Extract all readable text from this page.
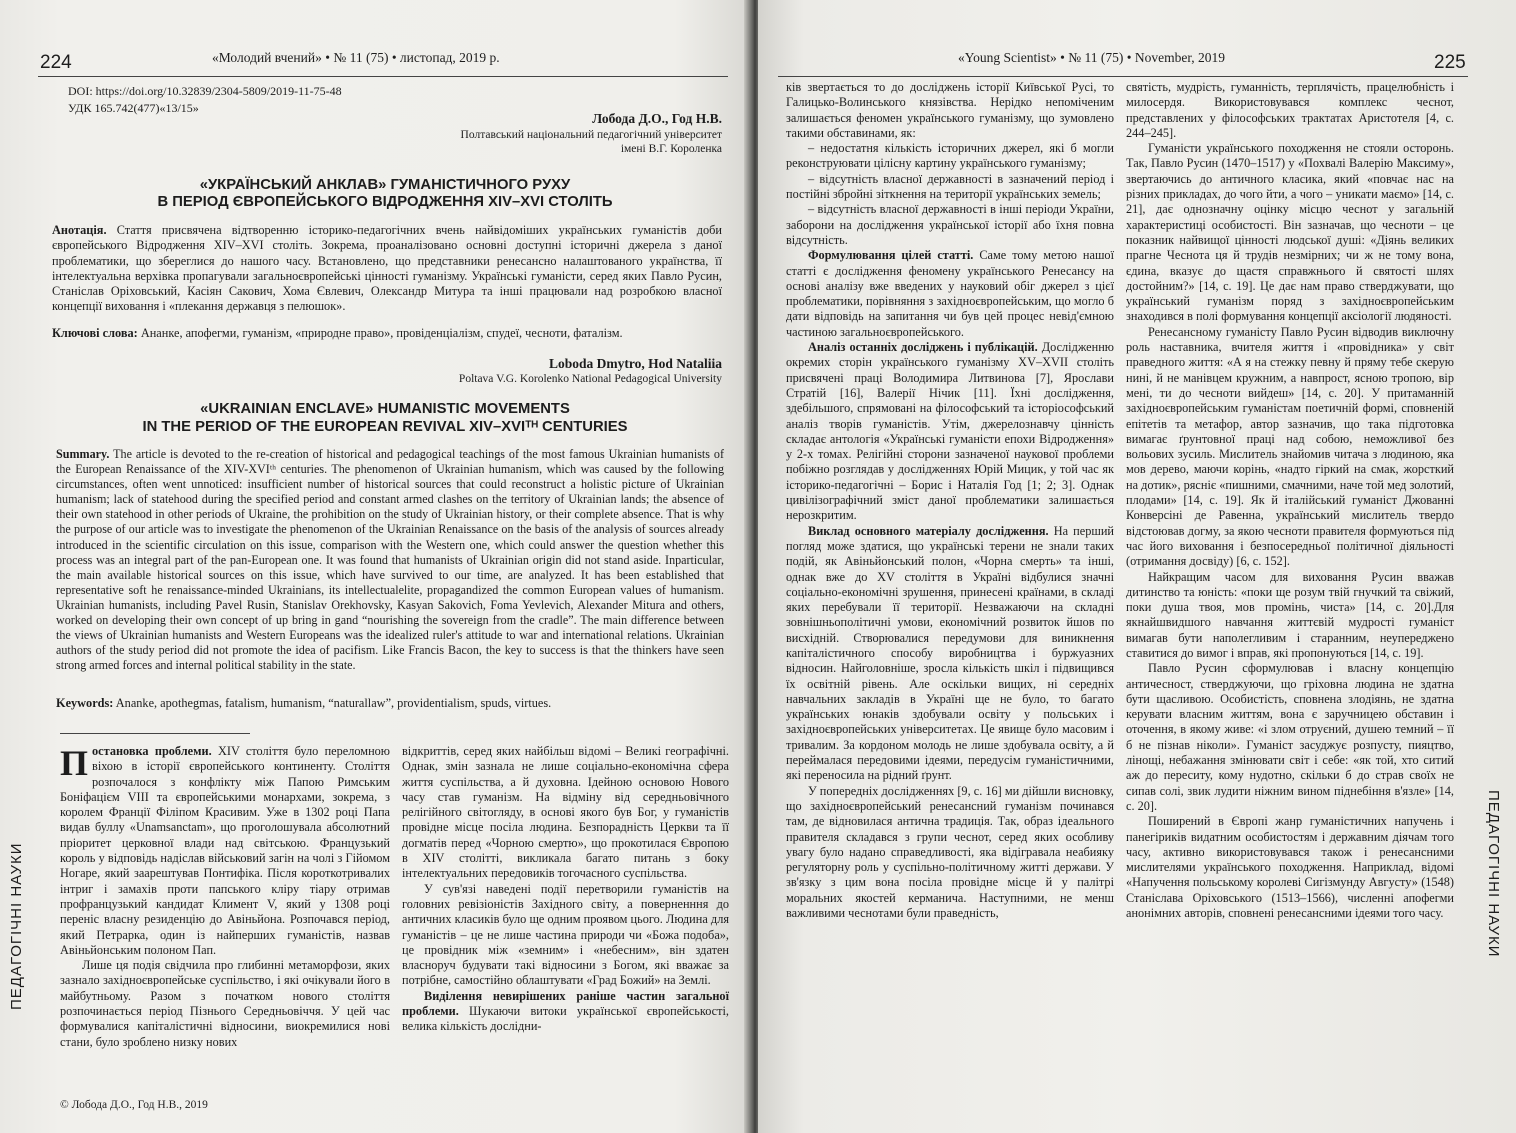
224	«Молодий вчений» • № 11 (75) • листопад, 2019 р.
DOI: https://doi.org/10.32839/2304-5809/2019-11-75-48
УДК 165.742(477)«13/15»
Лобода Д.О., Год Н.В.
Полтавський національний педагогічний університет
імені В.Г. Короленка
«УКРАЇНСЬКИЙ АНКЛАВ» ГУМАНІСТИЧНОГО РУХУ
В ПЕРІОД ЄВРОПЕЙСЬКОГО ВІДРОДЖЕННЯ XIV–XVI СТОЛІТЬ
Анотація. Стаття присвячена відтворенню історико-педагогічних вчень найвідоміших українських гуманістів доби європейського Відродження XIV–XVI століть. Зокрема, проаналізовано основні доступні історичні джерела з даної проблематики, що збереглися до нашого часу. Встановлено, що представники ренесансно налаштованого українства, її інтелектуальна верхівка пропагували загальноєвропейські цінності гуманізму. Українські гуманісти, серед яких Павло Русин, Станіслав Оріховський, Касіян Сакович, Хома Євлевич, Олександр Митура та інші працювали над розробкою власної концепції виховання і «плекання державця з пелюшок».
Ключові слова: Ананке, апофегми, гуманізм, «природне право», провіденціалізм, спудеї, чесноти, фаталізм.
Loboda Dmytro, Hod Nataliia
Poltava V.G. Korolenko National Pedagogical University
«UKRAINIAN ENCLAVE» HUMANISTIC MOVEMENTS
IN THE PERIOD OF THE EUROPEAN REVIVAL XIV–XVIᵀᴴ CENTURIES
Summary. The article is devoted to the re-creation of historical and pedagogical teachings of the most famous Ukrainian humanists of the European Renaissance of the XIV-XVIᵗʰ centuries. The phenomenon of Ukrainian humanism, which was caused by the following circumstances, often went unnoticed: insufficient number of historical sources that could reconstruct a holistic picture of Ukrainian humanism; lack of statehood during the specified period and constant armed clashes on the territory of Ukrainian lands; the absence of their own statehood in other periods of Ukraine, the prohibition on the study of Ukrainian history, or their complete absence. That is why the purpose of our article was to investigate the phenomenon of the Ukrainian Renaissance on the basis of the analysis of sources already introduced in the scientific circulation on this issue, comparison with the Western one, which could answer the question whether this process was an integral part of the pan-European one. It was found that humanists of Ukrainian origin did not stand aside. Inparticular, the main available historical sources on this issue, which have survived to our time, are analyzed. It has been established that representative soft he renaissance-minded Ukrainians, its intellectualelite, propagandized the common European values of humanism. Ukrainian humanists, including Pavel Rusin, Stanislav Orekhovsky, Kasyan Sakovich, Foma Yevlevich, Alexander Mitura and others, worked on developing their own concept of up bring in gand “nourishing the sovereign from the cradle”. The main difference between the views of Ukrainian humanists and Western Europeans was the idealized ruler's attitude to war and international relations. Ukrainian authors of the study period did not promote the idea of pacifism. Like Francis Bacon, the key to success is that the thinkers have seen strong armed forces and internal political stability in the state.
Keywords: Ananke, apothegmas, fatalism, humanism, “naturallaw”, providentialism, spuds, virtues.

Постановка проблеми. XIV століття було переломною віхою в історії європейського континенту. Століття розпочалося з конфлікту між Папою Римським Боніфацієм VIII та європейськими монархами, зокрема, з королем Франції Філіпом Красивим. Уже в 1302 році Папа видав буллу «Unamsanctam», що проголошувала абсолютний пріоритет церковної влади над світською. Французький король у відповідь надіслав військовий загін на чолі з Гійомом Ногаре, який заарештував Понтифіка. Після короткотривалих інтриг і замахів проти папського кліру тіару отримав профранцузький кандидат Климент V, який у 1308 році переніс власну резиденцію до Авіньйона. Розпочався період, який Петрарка, один із найперших гуманістів, назвав Авіньйонським полоном Пап.

Лише ця подія свідчила про глибинні метаморфози, яких зазнало західноєвропейське суспільство, і які очікували його в майбутньому. Разом з початком нового століття розпочинається період Пізнього Середньовіччя. У цей час формувалися капіталістичні відносини, виокремилися нові стани, було зроблено низку нових

відкриттів, серед яких найбільш відомі – Великі географічні. Однак, змін зазнала не лише соціально-економічна сфера життя суспільства, а й духовна. Ідейною основою Нового часу став гуманізм. На відміну від середньовічного релігійного світогляду, в основі якого був Бог, у гуманістів провідне місце посіла людина. Безпорадність Церкви та її догматів перед «Чорною смертю», що прокотилася Європою в XIV столітті, викликала багато питань з боку інтелектуальних передовиків тогочасного суспільства.

У сув'язі наведені події перетворили гуманістів на головних ревізіоністів Західного світу, а поверненння до античних класиків було ще одним проявом цього. Людина для гуманістів – це не лише частина природи чи «Божа подоба», це провідник між «земним» і «небесним», він здатен власноруч будувати такі відносини з Богом, які вважає за потрібне, самостійно облаштувати «Град Божий» на Землі.

Виділення невирішених раніше частин загальної проблеми. Шукаючи витоки української європейськості, велика кількість дослідни-

© Лобода Д.О., Год Н.В., 2019
ПЕДАГОГІЧНІ НАУКИ
«Young Scientist» • № 11 (75) • November, 2019	225

ків звертається то до досліджень історії Київської Русі, то Галицько-Волинського князівства. Нерідко непоміченим залишається феномен українського гуманізму, що зумовлено такими обставинами, як:

– недостатня кількість історичних джерел, які б могли реконструювати цілісну картину українського гуманізму;

– відсутність власної державності в зазначений період і постійні збройні зіткнення на території українських земель;

– відсутність власної державності в інші періоди України, заборони на дослідження української історії або їхня повна відсутність.

Формулювання цілей статті. Саме тому метою нашої статті є дослідження феномену українського Ренесансу на основі аналізу вже введених у науковий обіг джерел з цієї проблематики, порівняння з західноєвропейським, що могло б дати відповідь на запитання чи був цей процес невід'ємною частиною загальноєвропейського.

Аналіз останніх досліджень і публікацій. Дослідженню окремих сторін українського гуманізму XV–XVII століть присвячені праці Володимира Литвинова [7], Ярослави Стратій [16], Валерії Нічик [11]. Їхні дослідження, здебільшого, спрямовані на філософський та історіософський аналіз творів гуманістів. Утім, джерелознавчу цінність складає антологія «Українські гуманісти епохи Відродження» у 2-х томах. Релігійні сторони зазначеної наукової проблеми побіжно розглядав у дослідженнях Юрій Мицик, у той час як історико-педагогічні – Борис і Наталія Год [1; 2; 3]. Однак цивілізографічний зміст даної проблематики залишається нерозкритим.

Виклад основного матеріалу дослідження. На перший погляд може здатися, що українські терени не знали таких подій, як Авіньйонський полон, «Чорна смерть» та інші, однак вже до XV століття в Україні відбулися значні соціально-економічні зрушення, принесені країнами, в складі яких перебували її території. Незважаючи на складні зовнішньополітичні умови, економічний розвиток йшов по висхідній. Створювалися передумови для виникнення капіталістичного способу виробництва і буржуазних відносин. Найголовніше, зросла кількість шкіл і підвищився їх освітній рівень. Але оскільки вищих, ні середніх навчальних закладів в Україні ще не було, то багато українських юнаків здобували освіту у польських і західноєвропейських університетах. Це явище було масовим і тривалим. За кордоном молодь не лише здобувала освіту, а й переймалася передовими ідеями, передусім гуманістичними, які переносила на рідний ґрунт.

У попередніх дослідженнях [9, с. 16] ми дійшли висновку, що західноєвропейський ренесансний гуманізм починався там, де відновилася антична традиція. Так, образ ідеального правителя складався з групи чеснот, серед яких особливу увагу було надано справедливості, яка відігравала неабияку регуляторну роль у суспільно-політичному житті держави. У зв'язку з цим вона посіла провідне місце й у палітрі моральних якостей керманича. Наступними, не менш важливими чеснотами були праведність,

святість, мудрість, гуманність, терплячість, працелюбність і милосердя. Використовувався комплекс чеснот, представлених у філософських трактатах Аристотеля [4, с. 244–245].

Гуманісти українського походження не стояли осторонь. Так, Павло Русин (1470–1517) у «Похвалі Валерію Максиму», звертаючись до античного класика, який «повчає нас на різних прикладах, до чого йти, а чого – уникати маємо» [14, с. 21], дає однозначну оцінку місцю чеснот у загальній характеристиці особистості. Він зазначав, що чесноти – це показник найвищої цінності людської душі: «Діянь великих прагне Чеснота ця й трудів незмірних; чи ж не тому вона, єдина, вказує до щастя справжнього й святості шлях достойним?» [14, с. 19]. Це дає нам право стверджувати, що український гуманізм поряд з західноєвропейським знаходився в полі формування концепції аксіології людяності.

Ренесансному гуманісту Павло Русин відводив виключну роль наставника, вчителя життя і «провідника» у світ праведного життя: «А я на стежку певну й пряму тебе скерую нині, й не манівцем кружним, а навпрост, ясною тропою, вір мені, ти до чесноти вийдеш» [14, с. 20]. У притаманній західноєвропейським гуманістам поетичній формі, сповненій епітетів та метафор, автор зазначив, що така підготовка вимагає ґрунтовної праці над собою, неможливої без вольових зусиль. Мислитель знайомив читача з людиною, яка мов дерево, маючи корінь, «надто гіркий на смак, жорсткий на дотик», рясніє «пишними, смачними, наче той мед золотий, плодами» [14, с. 19]. Як й італійський гуманіст Джованні Конверсіні де Равенна, український мислитель твердо відстоював догму, за якою чесноти правителя формуються під час його виховання і безпосередньої політичної діяльності (отримання досвіду) [6, с. 152].

Найкращим часом для виховання Русин вважав дитинство та юність: «поки ще розум твій гнучкий та свіжий, поки душа твоя, мов промінь, чиста» [14, с. 20].Для якнайшвидшого навчання життєвій мудрості гуманіст вимагав бути наполегливим і старанним, неупереджено ставитися до вимог і вправ, які пропонуються [14, с. 19].

Павло Русин сформулював і власну концепцію античесност, стверджуючи, що гріховна людина не здатна бути щасливою. Особистість, сповнена злодіянь, не здатна керувати власним життям, вона є заручницею обставин і оточення, в якому живе: «і злом отруєний, душею темний – її б не пізнав ніколи». Гуманіст засуджує розпусту, пияцтво, лінощі, небажання змінювати світ і себе: «як той, хто ситий аж до переситу, кому нудотно, скільки б до страв своїх не сипав солі, звик лудити ніжним вином піднебіння в'язле» [14, с. 20].

Поширений в Європі жанр гуманістичних напучень і панегіриків видатним особистостям і державним діячам того часу, активно використовувався також і ренесансними мислителями українського походження. Наприклад, відомі «Напучення польському королеві Сигізмунду Августу» (1548) Станіслава Оріховського (1513–1566), численні апофегми анонімних авторів, сповнені ренесансними ідеями того часу.	ПЕДАГОГІЧНІ НАУКИ
